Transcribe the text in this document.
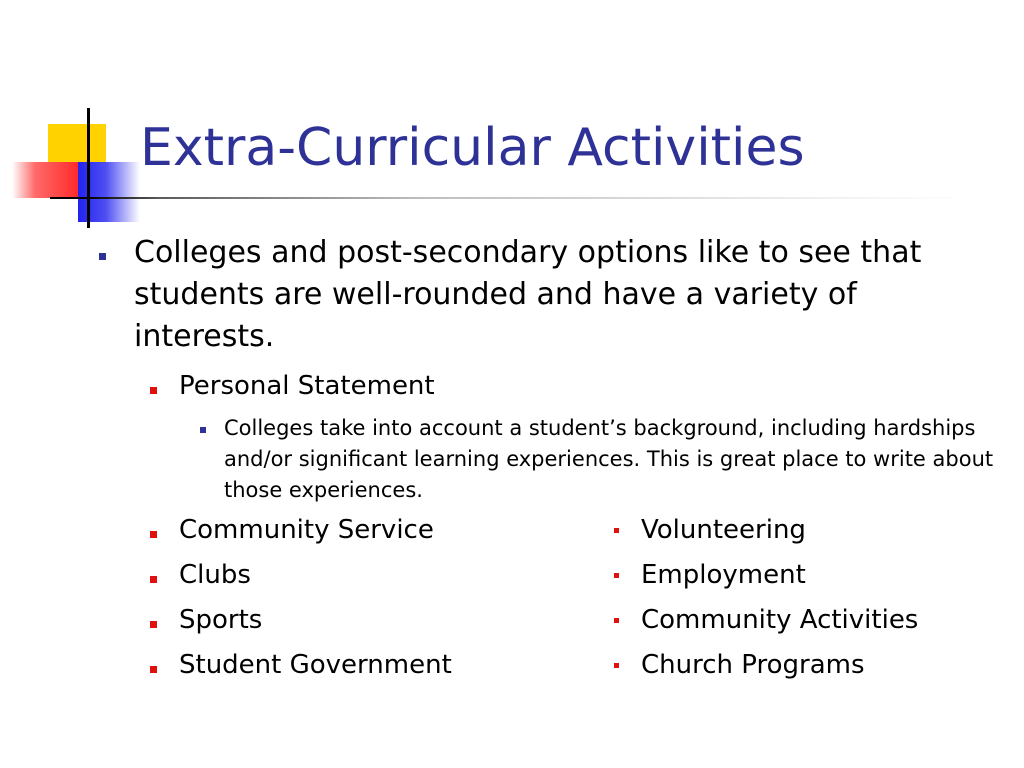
Extra-Curricular Activities
Colleges and post-secondary options like to see that students are well-rounded and have a variety of interests.
Personal Statement
Colleges take into account a student’s background, including hardships and/or significant learning experiences. This is great place to write about those experiences.
Community Service
Clubs
Sports
Student Government
Volunteering
Employment
Community Activities
Church Programs
